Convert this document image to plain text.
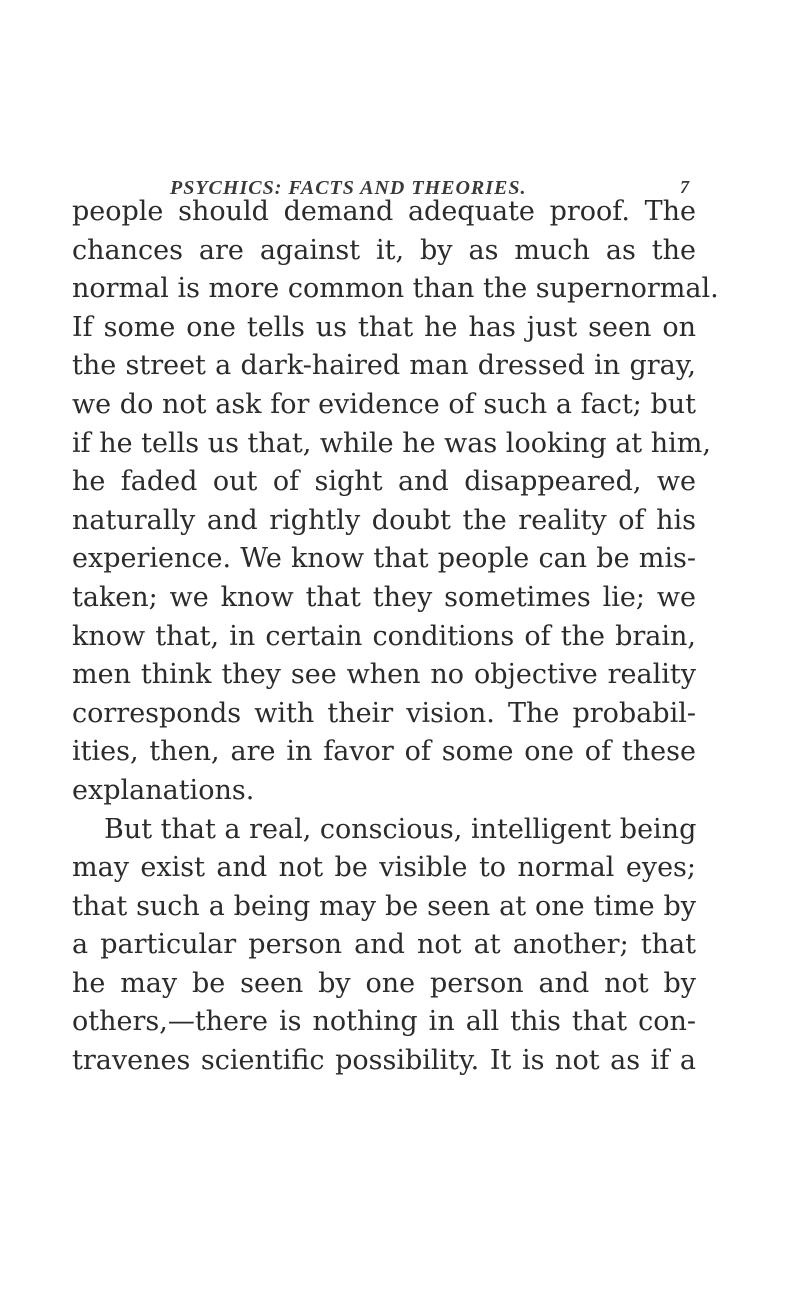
PSYCHICS: FACTS AND THEORIES.	7
people should demand adequate proof. The
chances are against it, by as much as the
normal is more common than the supernormal.
If some one tells us that he has just seen on
the street a dark-haired man dressed in gray,
we do not ask for evidence of such a fact; but
if he tells us that, while he was looking at him,
he faded out of sight and disappeared, we
naturally and rightly doubt the reality of his
experience. We know that people can be mis-
taken; we know that they sometimes lie; we
know that, in certain conditions of the brain,
men think they see when no objective reality
corresponds with their vision. The probabil-
ities, then, are in favor of some one of these
explanations.
But that a real, conscious, intelligent being
may exist and not be visible to normal eyes;
that such a being may be seen at one time by
a particular person and not at another; that
he may be seen by one person and not by
others,—there is nothing in all this that con-
travenes scientific possibility. It is not as if a
